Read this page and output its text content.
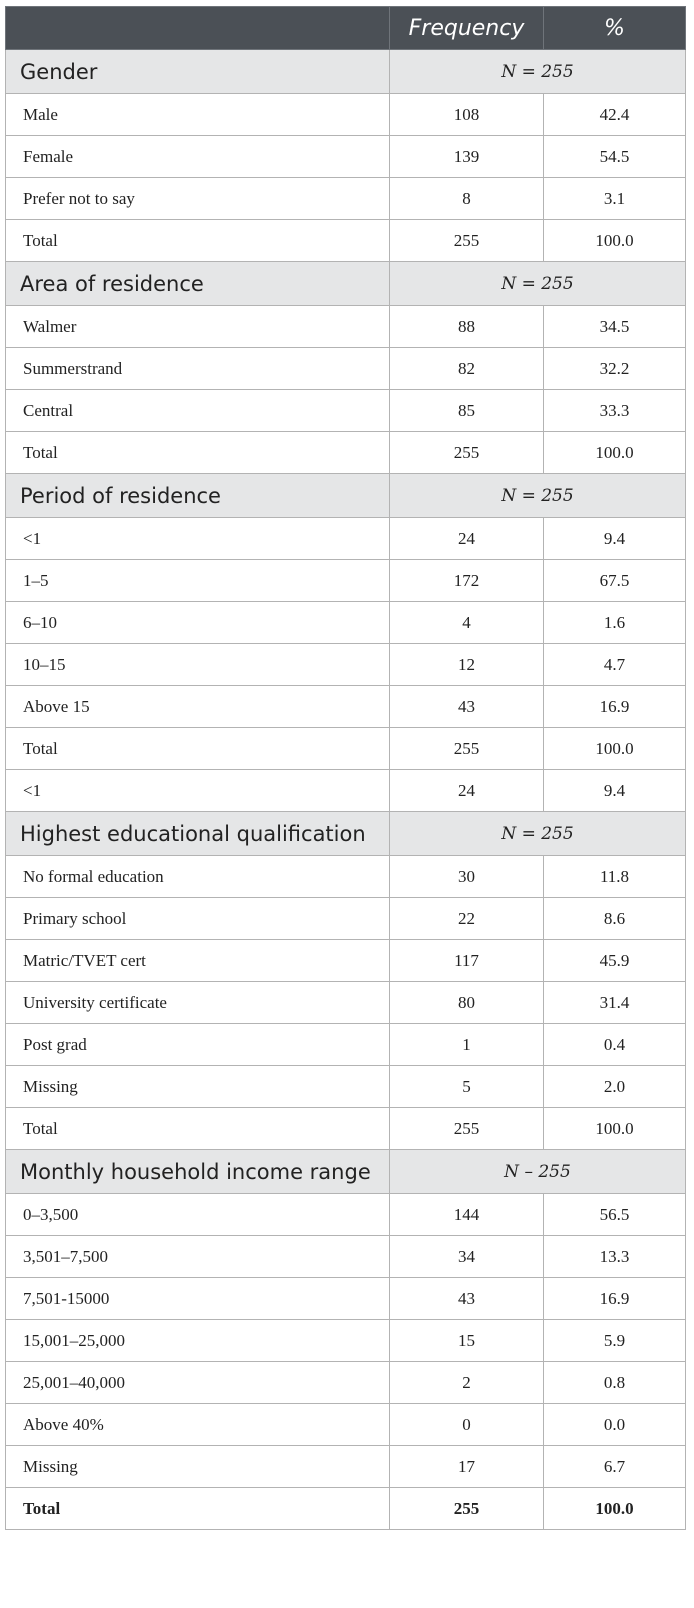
	Frequency	%
Gender	N = 255	
Male	108	42.4
Female	139	54.5
Prefer not to say	8	3.1
Total	255	100.0
Area of residence	N = 255	
Walmer	88	34.5
Summerstrand	82	32.2
Central	85	33.3
Total	255	100.0
Period of residence	N = 255	
<1	24	9.4
1–5	172	67.5
6–10	4	1.6
10–15	12	4.7
Above 15	43	16.9
Total	255	100.0
<1	24	9.4
Highest educational qualification	N = 255	
No formal education	30	11.8
Primary school	22	8.6
Matric/TVET cert	117	45.9
University certificate	80	31.4
Post grad	1	0.4
Missing	5	2.0
Total	255	100.0
Monthly household income range	N – 255	
0–3,500	144	56.5
3,501–7,500	34	13.3
7,501-15000	43	16.9
15,001–25,000	15	5.9
25,001–40,000	2	0.8
Above 40%	0	0.0
Missing	17	6.7
Total	255	100.0
